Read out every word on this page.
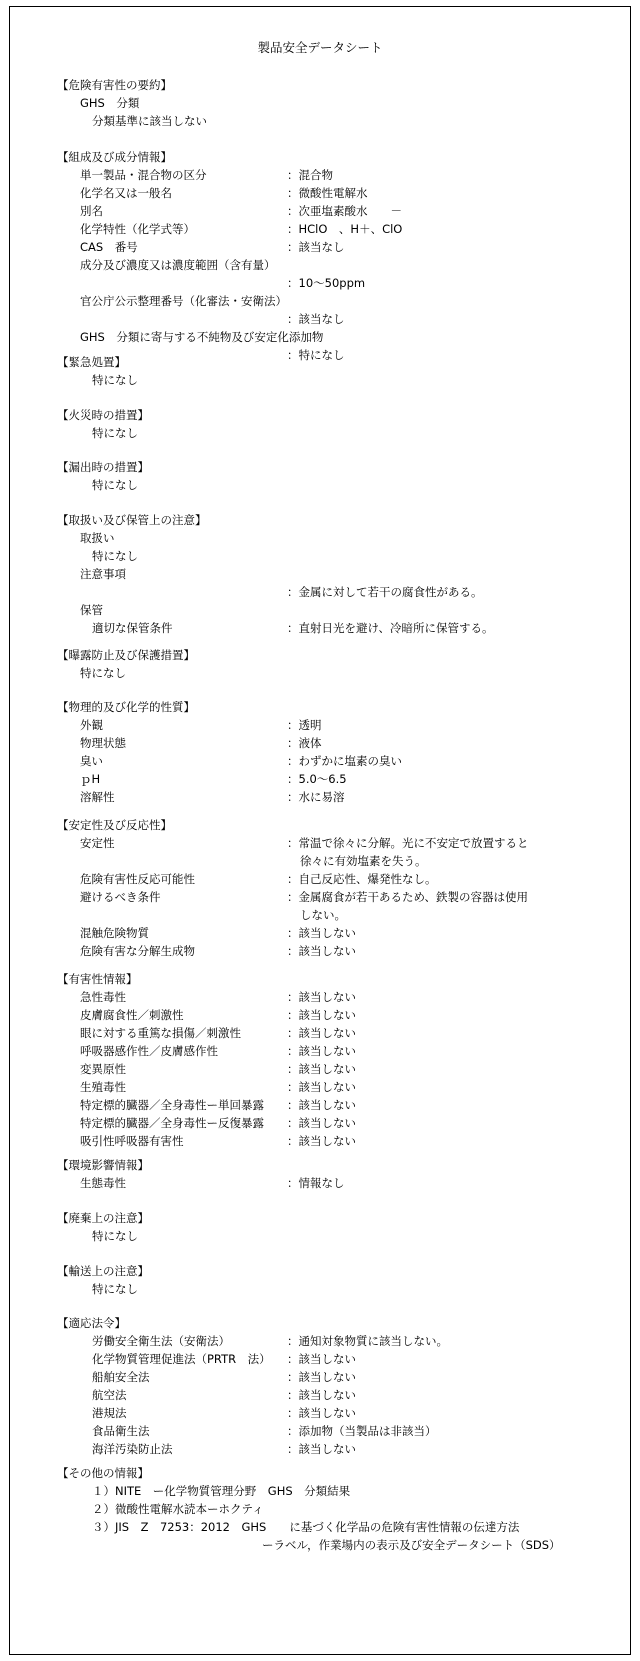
製品安全データシート
【危険有害性の要約】
GHS　分類
分類基準に該当しない
【組成及び成分情報】
単一製品・混合物の区分	：混合物
化学名又は一般名	：微酸性電解水
別名	：次亜塩素酸水　　－
化学特性（化学式等）	：HClO　、H＋、ClO
CAS　番号	：該当なし
成分及び濃度又は濃度範囲（含有量）
：10～50ppm
官公庁公示整理番号（化審法・安衛法）
：該当なし
GHS　分類に寄与する不純物及び安定化添加物
：特になし
【緊急処置】
特になし
【火災時の措置】
特になし
【漏出時の措置】
特になし
【取扱い及び保管上の注意】
取扱い
特になし
注意事項
：金属に対して若干の腐食性がある。
保管
適切な保管条件	：直射日光を避け、冷暗所に保管する。
【曝露防止及び保護措置】
特になし
【物理的及び化学的性質】
外観	：透明
物理状態	：液体
臭い	：わずかに塩素の臭い
ｐH	：5.0～6.5
溶解性	：水に易溶
【安定性及び反応性】
安定性	：常温で徐々に分解。光に不安定で放置すると
徐々に有効塩素を失う。
危険有害性反応可能性	：自己反応性、爆発性なし。
避けるべき条件	：金属腐食が若干あるため、鉄製の容器は使用
しない。
混触危険物質	：該当しない
危険有害な分解生成物	：該当しない
【有害性情報】
急性毒性	：該当しない
皮膚腐食性／刺激性	：該当しない
眼に対する重篤な損傷／刺激性	：該当しない
呼吸器感作性／皮膚感作性	：該当しない
変異原性	：該当しない
生殖毒性	：該当しない
特定標的臓器／全身毒性ー単回暴露 ：該当しない
特定標的臓器／全身毒性ー反復暴露 ：該当しない
吸引性呼吸器有害性	：該当しない
【環境影響情報】
生態毒性	：情報なし
【廃棄上の注意】
特になし
【輸送上の注意】
特になし
【適応法令】
労働安全衛生法（安衛法）	：通知対象物質に該当しない。
化学物質管理促進法（PRTR　法） ：該当しない
船舶安全法	：該当しない
航空法	：該当しない
港規法	：該当しない
食品衛生法	：添加物（当製品は非該当）
海洋汚染防止法	：該当しない
【その他の情報】
１）NITE　ー化学物質管理分野　GHS　分類結果
２）微酸性電解水読本ーホクティ
３）JIS　Z　7253：2012　GHS　　に基づく化学品の危険有害性情報の伝達方法
ーラベル，作業場内の表示及び安全データシート（SDS）
